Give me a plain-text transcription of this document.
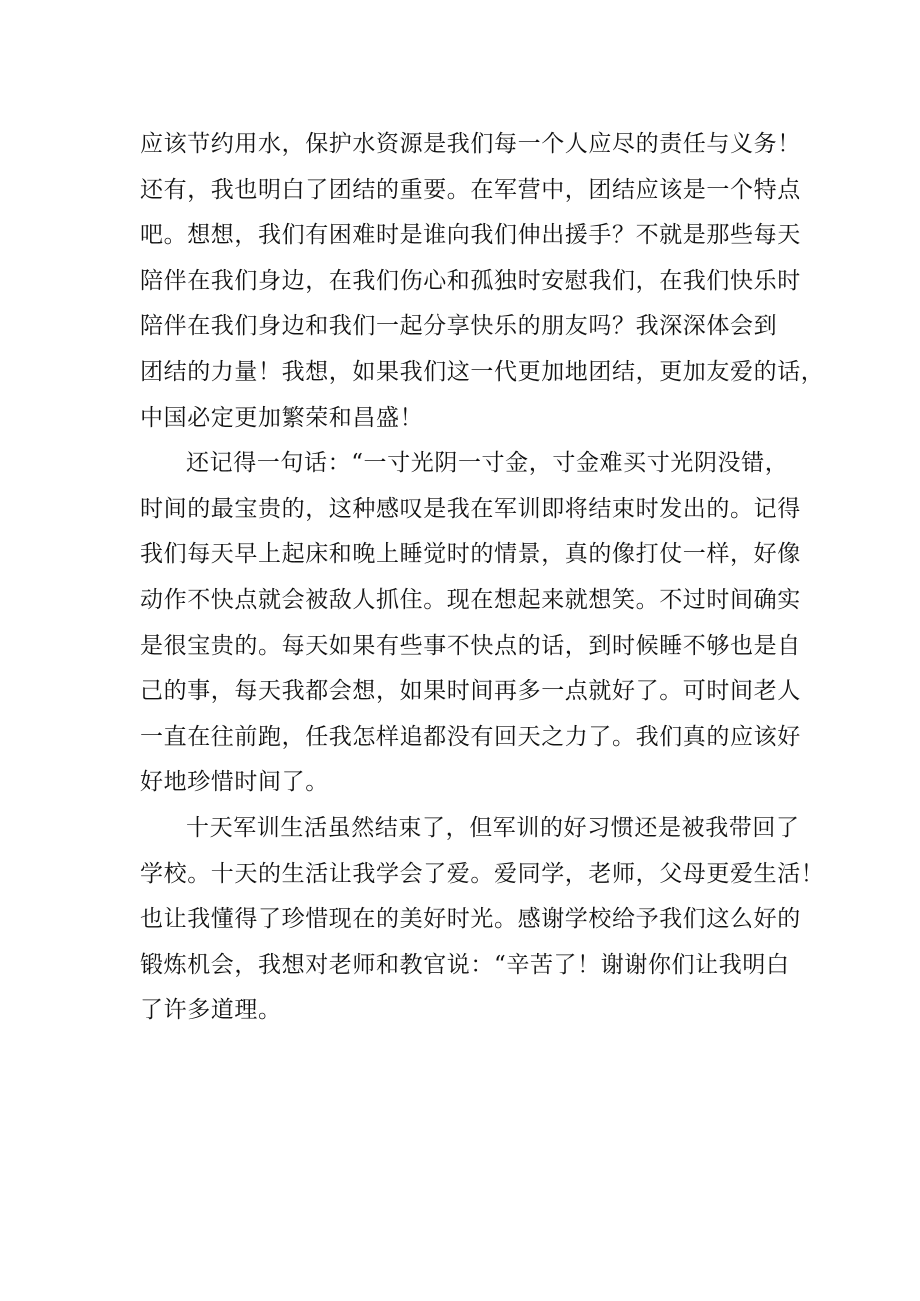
应该节约用水，保护水资源是我们每一个人应尽的责任与义务！
还有，我也明白了团结的重要。在军营中，团结应该是一个特点
吧。想想，我们有困难时是谁向我们伸出援手？不就是那些每天
陪伴在我们身边，在我们伤心和孤独时安慰我们，在我们快乐时
陪伴在我们身边和我们一起分享快乐的朋友吗？我深深体会到
团结的力量！我想，如果我们这一代更加地团结，更加友爱的话，
中国必定更加繁荣和昌盛！
还记得一句话：“一寸光阴一寸金，寸金难买寸光阴没错，
时间的最宝贵的，这种感叹是我在军训即将结束时发出的。记得
我们每天早上起床和晚上睡觉时的情景，真的像打仗一样，好像
动作不快点就会被敌人抓住。现在想起来就想笑。不过时间确实
是很宝贵的。每天如果有些事不快点的话，到时候睡不够也是自
己的事，每天我都会想，如果时间再多一点就好了。可时间老人
一直在往前跑，任我怎样追都没有回天之力了。我们真的应该好
好地珍惜时间了。
十天军训生活虽然结束了，但军训的好习惯还是被我带回了
学校。十天的生活让我学会了爱。爱同学，老师，父母更爱生活！
也让我懂得了珍惜现在的美好时光。感谢学校给予我们这么好的
锻炼机会，我想对老师和教官说：“辛苦了！谢谢你们让我明白
了许多道理。
